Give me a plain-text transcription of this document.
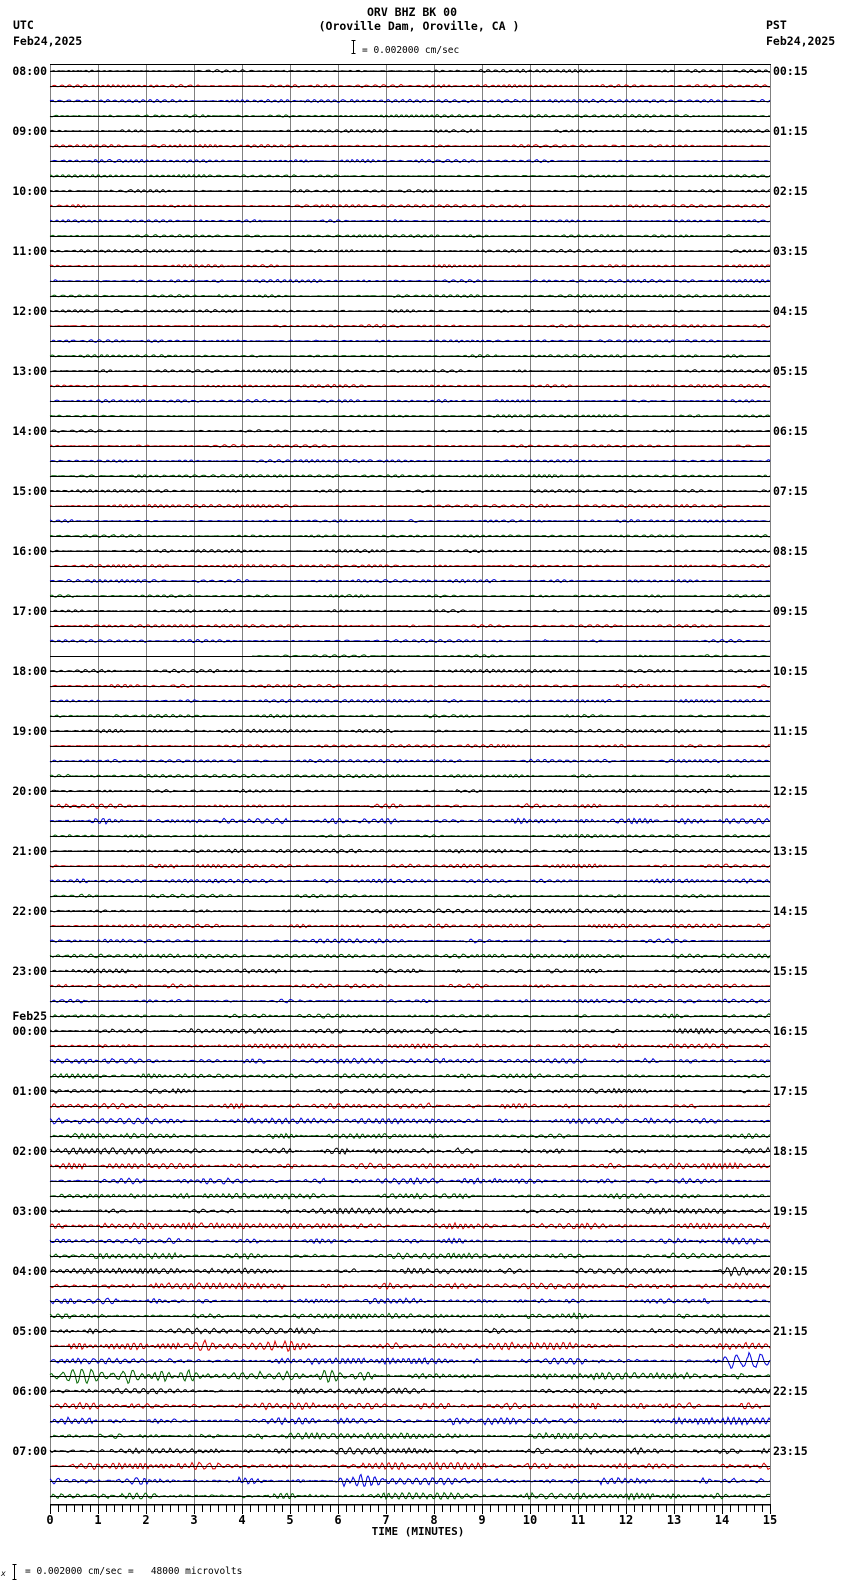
ORV BHZ BK 00
(Oroville Dam, Oroville, CA )
= 0.002000 cm/sec
UTC
Feb24,2025
PST
Feb24,2025
08:00
09:00
10:00
11:00
12:00
13:00
14:00
15:00
16:00
17:00
18:00
19:00
20:00
21:00
22:00
23:00
00:00
Feb25
01:00
02:00
03:00
04:00
05:00
06:00
07:00
00:15
01:15
02:15
03:15
04:15
05:15
06:15
07:15
08:15
09:15
10:15
11:15
12:15
13:15
14:15
15:15
16:15
17:15
18:15
19:15
20:15
21:15
22:15
23:15
0	1	2	3	4	5	6	7	8	9	10	11	12	13	14	15
TIME (MINUTES)
x = 0.002000 cm/sec =   48000 microvolts
